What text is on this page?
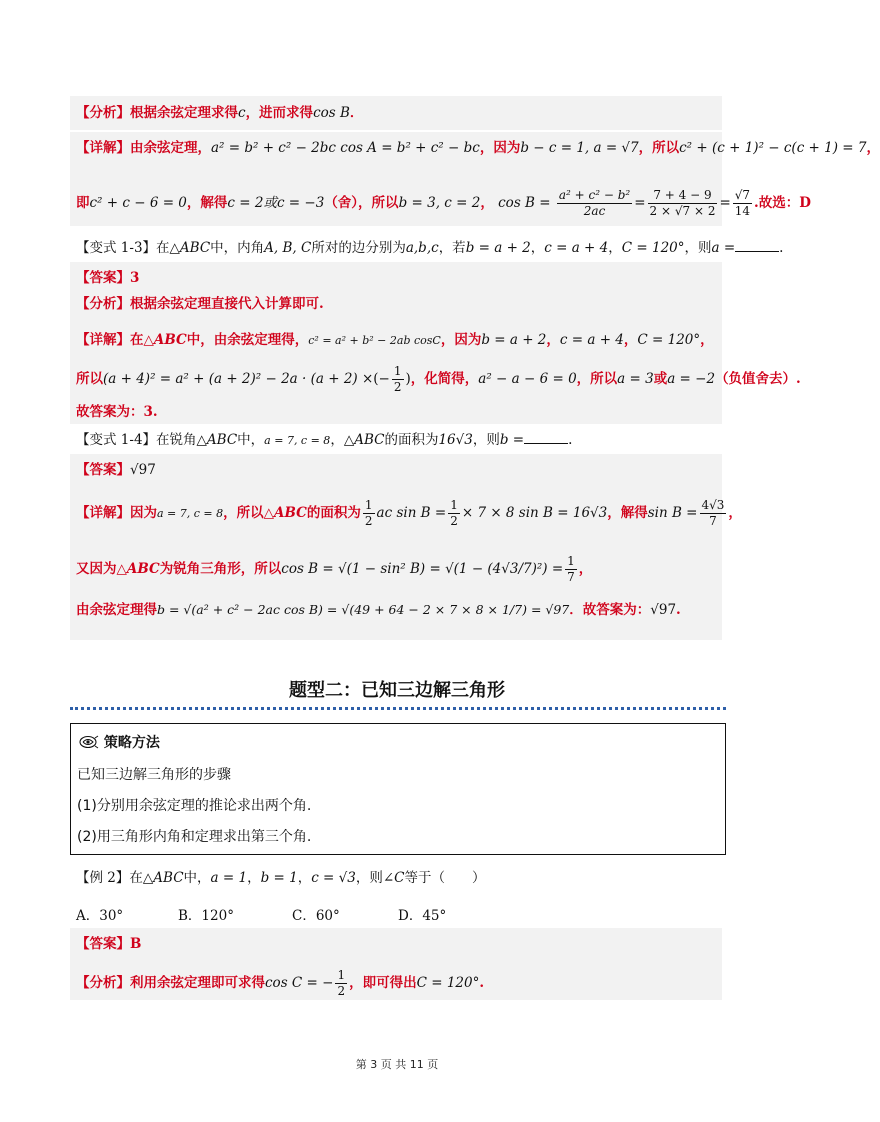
【分析】根据余弦定理求得c，进而求得cos B．
【详解】由余弦定理，a² = b² + c² − 2bc cos A = b² + c² − bc，因为b − c = 1, a = √7，所以c² + (c + 1)² − c(c + 1) = 7，
即c² + c − 6 = 0，解得c = 2或c = −3（舍），所以b = 3, c = 2， $\cos B = \frac{\text{a² + c² − b²}}{2ac} = \frac{7 + 4 - 9}{2 \times √7 \times 2} = \frac{√7}{14}$ .故选：D
【变式 1-3】在△ABC中，内角A, B, C所对的边分别为a,b,c，若b = a + 2，c = a + 4，C = 120°，则a =	.
【答案】3
【分析】根据余弦定理直接代入计算即可.
【详解】在△ABC中，由余弦定理得，c² = a² + b² − 2ab cosC，因为b = a + 2，c = a + 4，C = 120°，
所以(a + 4)² = a² + (a + 2)² − 2a · (a + 2) ×(− $\frac{1}{2}$ )，化简得，a² − a − 6 = 0，所以a = 3或a = −2（负值舍去）.
故答案为：3.
【变式 1-4】在锐角△ABC中，a = 7, c = 8，△ABC的面积为16√3，则b =	.
【答案】√97
【详解】因为a = 7, c = 8，所以△ABC的面积为 $\frac{1}{2}$ ac $\sin B = \frac{1}{2} \times 7 \times 8$ sin B = 16√3，解得$\sin B = \frac{4√3}{7}$ ，
又因为△ABC为锐角三角形，所以cos B = √(1 − sin² $B) = √(1 - (4√3/7)^2) = \frac{1}{7}$ ，
由余弦定理得b = √(a² + c² − 2ac cos B) = √(49 + 64 − 2 × 7 × 8 × 1/7) = √97．故答案为：√97.
题型二：已知三边解三角形
策略方法
已知三边解三角形的步骤
(1)分别用余弦定理的推论求出两个角.
(2)用三角形内角和定理求出第三个角.
【例 2】在△ABC中，a = 1，b = 1，c = √3，则∠C等于（　　）
A．30°	B．120°	C．60°	D．45°
【答案】B
【分析】利用余弦定理即可求得cos C = − $\frac{1}{2}$ ，即可得出C = 120°.
第 3 页 共 11 页
